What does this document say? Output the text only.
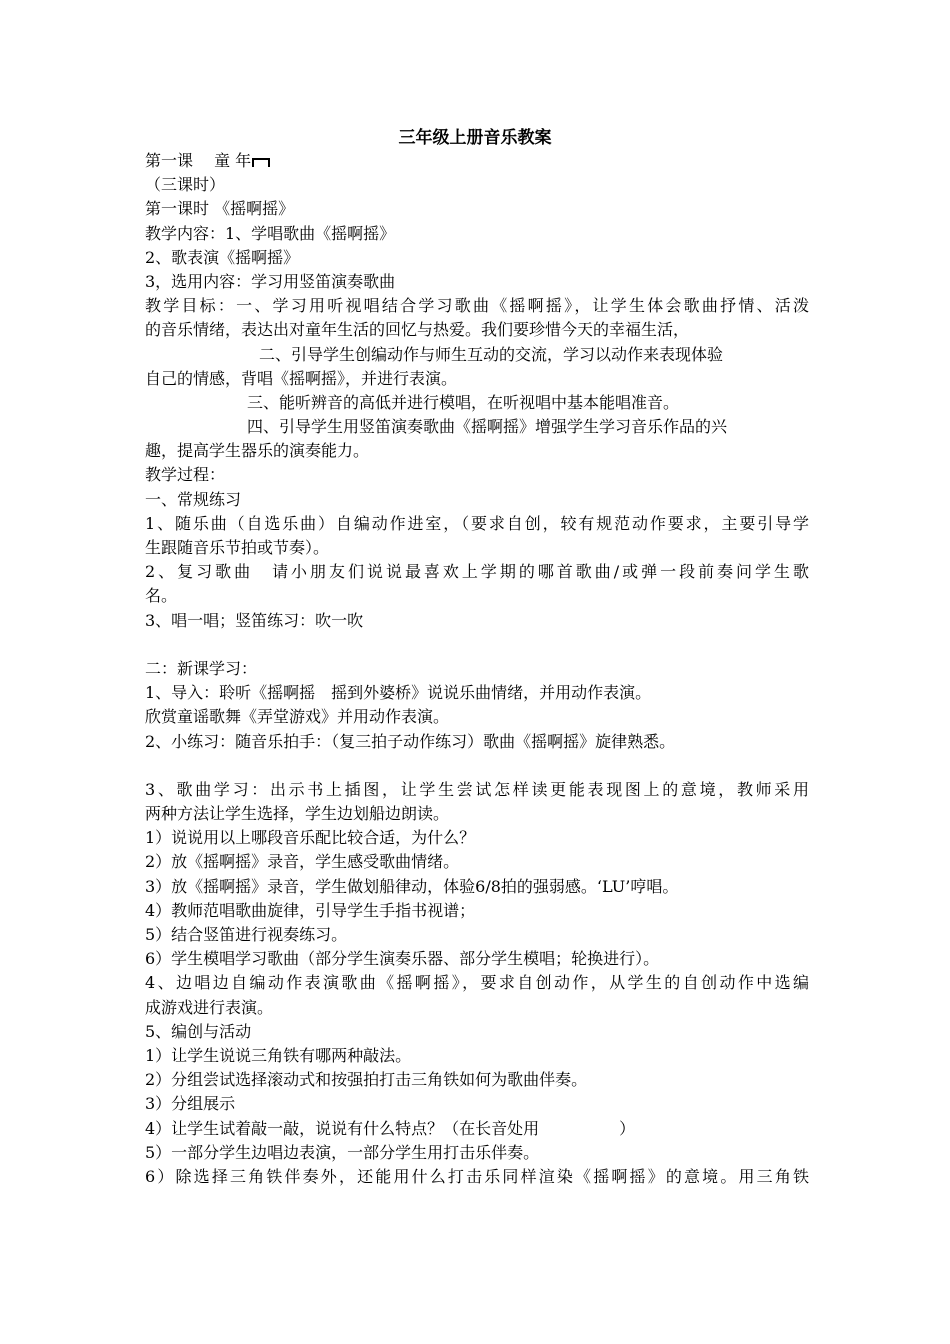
三年级上册音乐教案
第一课　 童 年
（三课时）
第一课时 《摇啊摇》
教学内容：1、学唱歌曲《摇啊摇》
2、歌表演《摇啊摇》
3，选用内容：学习用竖笛演奏歌曲
教学目标：一、学习用听视唱结合学习歌曲《摇啊摇》，让学生体会歌曲抒情、活泼
的音乐情绪，表达出对童年生活的回忆与热爱。我们要珍惜今天的幸福生活，
二、引导学生创编动作与师生互动的交流，学习以动作来表现体验
自己的情感，背唱《摇啊摇》，并进行表演。
三、能听辨音的高低并进行模唱，在听视唱中基本能唱准音。
四、引导学生用竖笛演奏歌曲《摇啊摇》增强学生学习音乐作品的兴
趣，提高学生器乐的演奏能力。
教学过程：
一、常规练习
1、随乐曲（自选乐曲）自编动作进室，（要求自创，较有规范动作要求，主要引导学
生跟随音乐节拍或节奏）。
2、复习歌曲　请小朋友们说说最喜欢上学期的哪首歌曲/或弹一段前奏问学生歌
名。
3、唱一唱；竖笛练习：吹一吹
二：新课学习：
1、导入：聆听《摇啊摇　摇到外婆桥》说说乐曲情绪，并用动作表演。
欣赏童谣歌舞《弄堂游戏》并用动作表演。
2、小练习：随音乐拍手：（复三拍子动作练习）歌曲《摇啊摇》旋律熟悉。
3、歌曲学习：出示书上插图，让学生尝试怎样读更能表现图上的意境，教师采用
两种方法让学生选择，学生边划船边朗读。
1）说说用以上哪段音乐配比较合适，为什么？
2）放《摇啊摇》录音，学生感受歌曲情绪。
3）放《摇啊摇》录音，学生做划船律动，体验6/8拍的强弱感。‘LU’哼唱。
4）教师范唱歌曲旋律，引导学生手指书视谱；
5）结合竖笛进行视奏练习。
6）学生模唱学习歌曲（部分学生演奏乐器、部分学生模唱；轮换进行）。
4、边唱边自编动作表演歌曲《摇啊摇》，要求自创动作，从学生的自创动作中选编
成游戏进行表演。
5、编创与活动
1）让学生说说三角铁有哪两种敲法。
2）分组尝试选择滚动式和按强拍打击三角铁如何为歌曲伴奏。
3）分组展示
4）让学生试着敲一敲，说说有什么特点？（在长音处用　　　　　）
5）一部分学生边唱边表演，一部分学生用打击乐伴奏。
6）除选择三角铁伴奏外，还能用什么打击乐同样渲染《摇啊摇》的意境。用三角铁
